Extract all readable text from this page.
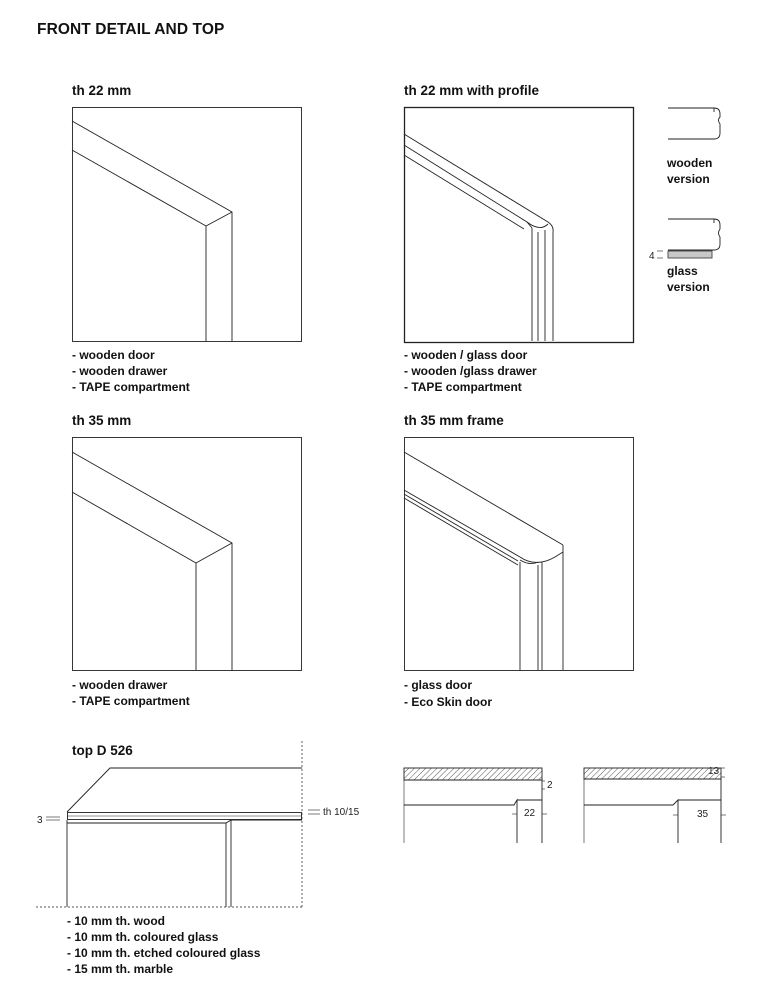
FRONT DETAIL AND TOP
th 22 mm	th 22 mm with profile
th 35 mm	th 35 mm frame
top D 526
- wooden door
- wooden drawer
- TAPE compartment
- wooden / glass door
- wooden /glass drawer
- TAPE compartment
- wooden drawer
- TAPE compartment
- glass door
- Eco Skin door
- 10 mm th. wood
- 10 mm th. coloured glass
- 10 mm th. etched coloured glass
- 15 mm th. marble
wooden
version
glass
version
4
3
th 10/15
2
22	35
